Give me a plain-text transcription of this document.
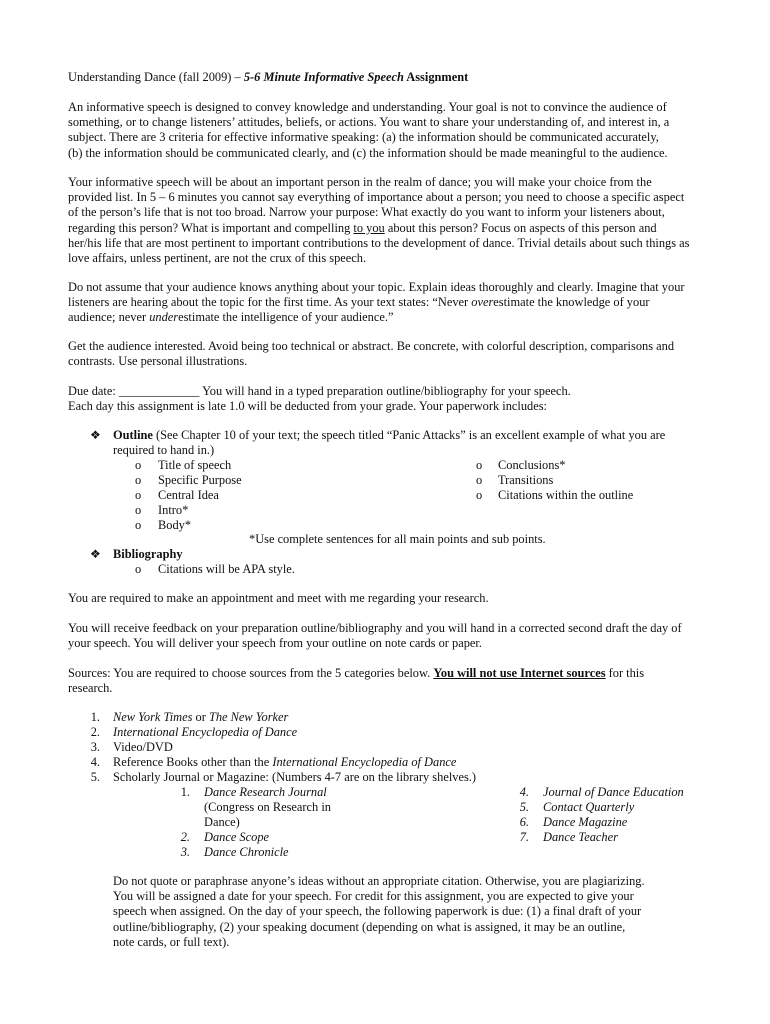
Understanding Dance (fall 2009) – 5-6 Minute Informative Speech Assignment
An informative speech is designed to convey knowledge and understanding. Your goal is not to convince the audience of
something, or to change listeners’ attitudes, beliefs, or actions. You want to share your understanding of, and interest in, a
subject. There are 3 criteria for effective informative speaking: (a) the information should be communicated accurately,
(b) the information should be communicated clearly, and (c) the information should be made meaningful to the audience.
Your informative speech will be about an important person in the realm of dance; you will make your choice from the
provided list. In 5 – 6 minutes you cannot say everything of importance about a person; you need to choose a specific aspect
of the person’s life that is not too broad. Narrow your purpose: What exactly do you want to inform your listeners about,
regarding this person? What is important and compelling to you about this person? Focus on aspects of this person and
her/his life that are most pertinent to important contributions to the development of dance. Trivial details about such things as
love affairs, unless pertinent, are not the crux of this speech.
Do not assume that your audience knows anything about your topic. Explain ideas thoroughly and clearly. Imagine that your
listeners are hearing about the topic for the first time. As your text states: “Never overestimate the knowledge of your
audience; never underestimate the intelligence of your audience.”
Get the audience interested. Avoid being too technical or abstract. Be concrete, with colorful description, comparisons and
contrasts. Use personal illustrations.
Due date: _____________ You will hand in a typed preparation outline/bibliography for your speech.
Each day this assignment is late 1.0 will be deducted from your grade. Your paperwork includes:
❖ Outline (See Chapter 10 of your text; the speech titled “Panic Attacks” is an excellent example of what you are
required to hand in.)
o Title of speech
o Specific Purpose
o Central Idea
o Intro*
o Body*
o Conclusions*
o Transitions
o Citations within the outline
*Use complete sentences for all main points and sub points.
❖ Bibliography
o Citations will be APA style.
You are required to make an appointment and meet with me regarding your research.
You will receive feedback on your preparation outline/bibliography and you will hand in a corrected second draft the day of
your speech. You will deliver your speech from your outline on note cards or paper.
Sources: You are required to choose sources from the 5 categories below. You will not use Internet sources for this
research.
1. New York Times or The New Yorker
2. International Encyclopedia of Dance
3. Video/DVD
4. Reference Books other than the International Encyclopedia of Dance
5. Scholarly Journal or Magazine: (Numbers 4-7 are on the library shelves.)
1. Dance Research Journal
(Congress on Research in
Dance)
2. Dance Scope
3. Dance Chronicle
4. Journal of Dance Education
5. Contact Quarterly
6. Dance Magazine
7. Dance Teacher
Do not quote or paraphrase anyone’s ideas without an appropriate citation. Otherwise, you are plagiarizing.
You will be assigned a date for your speech. For credit for this assignment, you are expected to give your
speech when assigned. On the day of your speech, the following paperwork is due: (1) a final draft of your
outline/bibliography, (2) your speaking document (depending on what is assigned, it may be an outline,
note cards, or full text).
